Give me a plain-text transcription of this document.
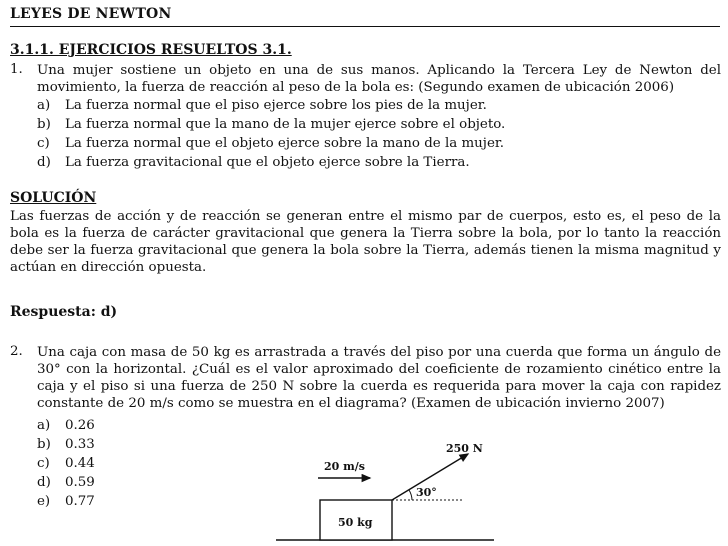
LEYES DE NEWTON
3.1.1. EJERCICIOS RESUELTOS 3.1.
1. Una mujer sostiene un objeto en una de sus manos. Aplicando la Tercera Ley de Newton del movimiento, la fuerza de reacción al peso de la bola es: (Segundo examen de ubicación 2006)
a) La fuerza normal que el piso ejerce sobre los pies de la mujer.
b) La fuerza normal que la mano de la mujer ejerce sobre el objeto.
c) La fuerza normal que el objeto ejerce sobre la mano de la mujer.
d) La fuerza gravitacional que el objeto ejerce sobre la Tierra.
SOLUCIÓN
Las fuerzas de acción y de reacción se generan entre el mismo par de cuerpos, esto es, el peso de la bola es la fuerza de carácter gravitacional que genera la Tierra sobre la bola, por lo tanto la reacción debe ser la fuerza gravitacional que genera la bola sobre la Tierra, además tienen la misma magnitud y actúan en dirección opuesta.
Respuesta: d)
2. Una caja con masa de 50 kg es arrastrada a través del piso por una cuerda que forma un ángulo de 30° con la horizontal. ¿Cuál es el valor aproximado del coeficiente de rozamiento cinético entre la caja y el piso si una fuerza de 250 N sobre la cuerda es requerida para mover la caja con rapidez constante de 20 m/s como se muestra en el diagrama? (Examen de ubicación invierno 2007)
a) 0.26
b) 0.33
c) 0.44
d) 0.59
e) 0.77
50 kg
20 m/s
250 N
30°
